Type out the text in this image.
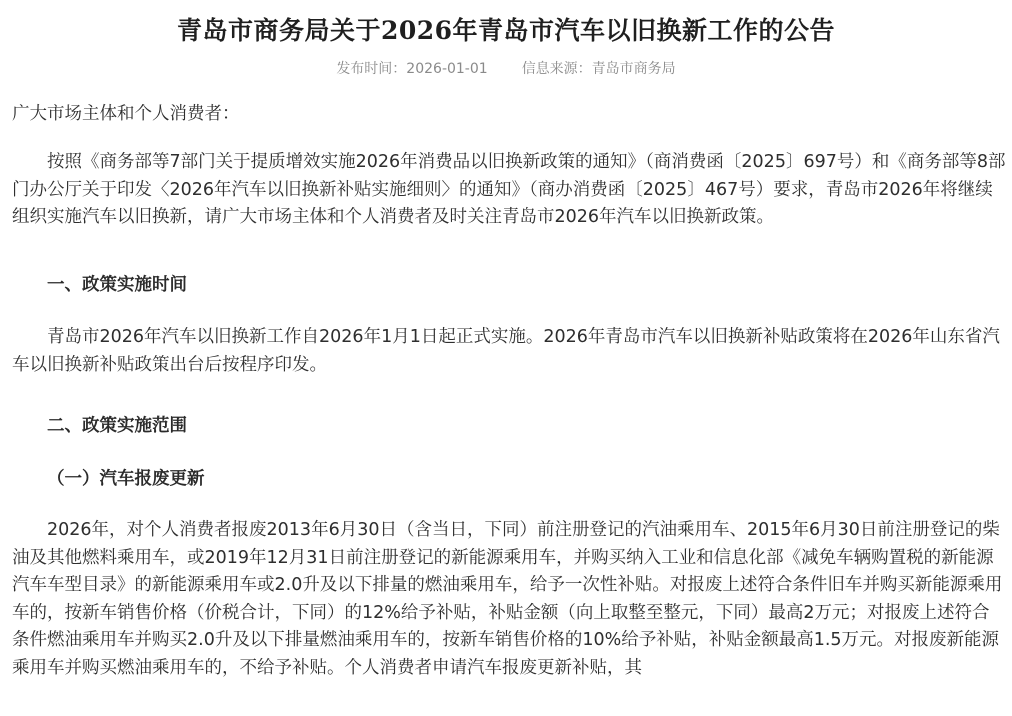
青岛市商务局关于2026年青岛市汽车以旧换新工作的公告
发布时间：2026-01-01 信息来源：青岛市商务局

广大市场主体和个人消费者：

按照《商务部等7部门关于提质增效实施2026年消费品以旧换新政策的通知》（商消费函〔2025〕697号）和《商务部等8部门办公厅关于印发〈2026年汽车以旧换新补贴实施细则〉的通知》（商办消费函〔2025〕467号）要求，青岛市2026年将继续组织实施汽车以旧换新，请广大市场主体和个人消费者及时关注青岛市2026年汽车以旧换新政策。

一、政策实施时间

青岛市2026年汽车以旧换新工作自2026年1月1日起正式实施。2026年青岛市汽车以旧换新补贴政策将在2026年山东省汽车以旧换新补贴政策出台后按程序印发。

二、政策实施范围

（一）汽车报废更新

2026年，对个人消费者报废2013年6月30日（含当日，下同）前注册登记的汽油乘用车、2015年6月30日前注册登记的柴油及其他燃料乘用车，或2019年12月31日前注册登记的新能源乘用车，并购买纳入工业和信息化部《减免车辆购置税的新能源汽车车型目录》的新能源乘用车或2.0升及以下排量的燃油乘用车，给予一次性补贴。对报废上述符合条件旧车并购买新能源乘用车的，按新车销售价格（价税合计，下同）的12%给予补贴，补贴金额（向上取整至整元，下同）最高2万元；对报废上述符合条件燃油乘用车并购买2.0升及以下排量燃油乘用车的，按新车销售价格的10%给予补贴，补贴金额最高1.5万元。对报废新能源乘用车并购买燃油乘用车的，不给予补贴。个人消费者申请汽车报废更新补贴，其
